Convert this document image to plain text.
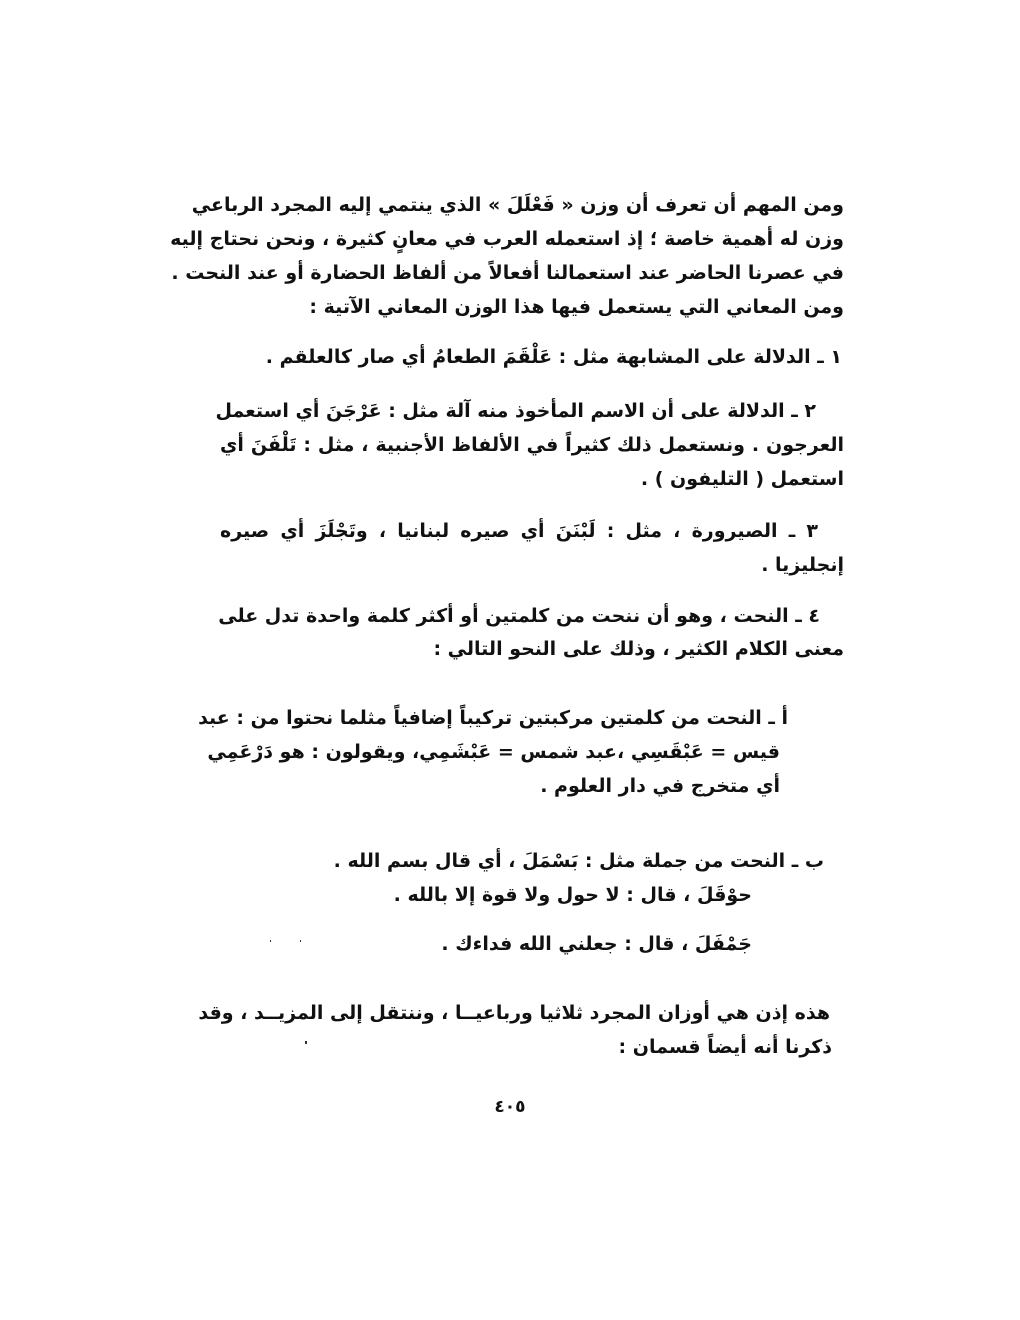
ومن المهم أن تعرف أن وزن « فَعْلَلَ » الذي ينتمي إليه المجرد الرباعي
وزن له أهمية خاصة ؛ إذ استعمله العرب في معانٍ كثيرة ، ونحن نحتاج إليه
في عصرنا الحاضر عند استعمالنا أفعالاً من ألفاظ الحضارة أو عند النحت .
ومن المعاني التي يستعمل فيها هذا الوزن المعاني الآتية :
١ ـ الدلالة على المشابهة مثل : عَلْقَمَ الطعامُ أي صار كالعلقم .
٢ ـ الدلالة على أن الاسم المأخوذ منه آلة مثل : عَرْجَنَ أي استعمل
العرجون . ونستعمل ذلك كثيراً في الألفاظ الأجنبية ، مثل : تَلْفَنَ أي
استعمل ( التليفون ) .
٣ ـ الصيرورة ، مثل : لَبْنَنَ أي صيره لبنانيا ، وتَجْلَزَ أي صيره
إنجليزيا .
٤ ـ النحت ، وهو أن ننحت من كلمتين أو أكثر كلمة واحدة تدل على
معنى الكلام الكثير ، وذلك على النحو التالي :
أ ـ النحت من كلمتين مركبتين تركيباً إضافياً مثلما نحتوا من : عبد
قيس = عَبْقَسِي ،عبد شمس = عَبْشَمِي، ويقولون : هو دَرْعَمِي
أي متخرج في دار العلوم .
ب ـ النحت من جملة مثل : بَسْمَلَ ، أي قال بسم الله .
حوْقَلَ ، قال : لا حول ولا قوة إلا بالله .
جَمْفَلَ ، قال : جعلني الله فداءك .
هذه إذن هي أوزان المجرد ثلاثيا ورباعيــا ، وننتقل إلى المزيــد ، وقد
ذكرنا أنه أيضاً قسمان :
٤٠٥
